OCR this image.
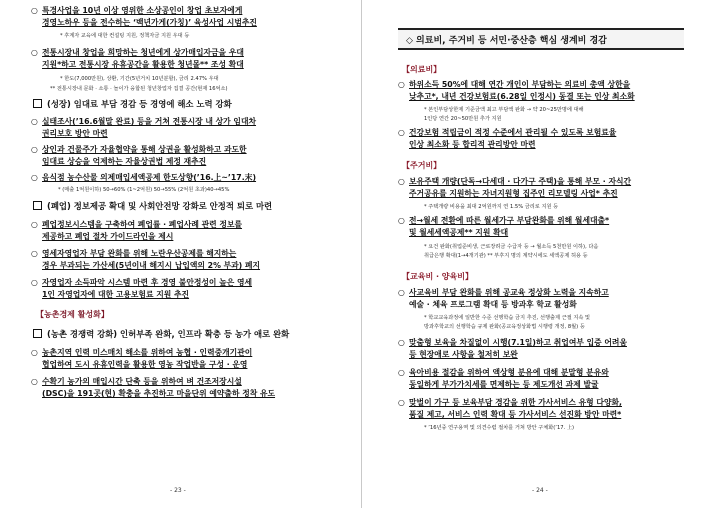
○ 특경사업을 10년 이상 영위한 소상공인이 창업 초보자에게
경영노하우 등을 전수하는 ‘백년가게(가칭)’ 육성사업 시범추진
* 후계자 교육에 대한 컨설팅 지원, 정책자금 지원 우대 등
○ 전통시장내 창업을 희망하는 청년에게 상가매입자금을 우대
지원*하고 전통시장 유휴공간을 활용한 청년몰** 조성 확대
* 한도(7,000만원), 상환, 기간(5년거치 10년분할), 금리 2.47% 우대
** 전통시장내 문화 · 소통 · 놀이가 융합된 청년창업자 집결 공간(현재 16억소)
(성장) 임대료 부담 경감 등 경영에 해소 노력 강화
○ 실태조사(’16.6월말 완료) 등을 거쳐 전통시장 내 상가 임대차
권리보호 방안 마련
○ 상인과 건물주가 자율협약을 통해 상권을 활성화하고 과도한
임대료 상승을 억제하는 자율상권법 제정 재추진
○ 음식점 농수산물 의제매입세액공제 한도상향(’16.上~’17.末)
* (매출 1억원이하) 50→60% (1~2억원) 50→55% (2억원 초과)40→45%
(폐업) 정보제공 확대 및 사회안전망 강화로 안정적 퇴로 마련
○ 폐업정보시스템을 구축하여 폐업률 · 폐업사례 관련 정보를
제공하고 폐업 절차 가이드라인을 제시
○ 영세자영업자 부담 완화를 위해 노란우산공제를 해지하는
경우 부과되는 가산세(5년이내 해지시 납입액의 2% 부과) 폐지
○ 자영업자 소득파악 시스템 마련 후 경영 불안정성이 높은 영세
1인 자영업자에 대한 고용보험료 지원 추진
【농촌경제 활성화】
(농촌 경쟁력 강화) 인허부족 완화, 인프라 확충 등 농가 애로 완화
○ 농촌지역 인력 미스매치 해소를 위하여 농협 · 인력중개기관이
협업하여 도시 유휴인력을 활용한 영농 작업반을 구성 · 운영
○ 수확기 농가의 매입시간 단축 등을 위하여 벼 건조저장시설
(DSC)을 191곳(현) 확충을 추진하고 마을단위 예약출하 정착 유도
- 23 -
◇ 의료비, 주거비 등 서민·중산층 핵심 생계비 경감
【의료비】
○ 하위소득 50%에 대해 연간 개인이 부담하는 의료비 총액 상한을
낮추고*, 내년 건강보험료(6.28일 인정시) 동결 또는 인상 최소화
* 본인부담상한제 기준금액 최고 부담액 완화 → 약 20~25만명에 대해
1인당 연간 20~50만원 추가 지원
○ 건강보험 적립금이 적정 수준에서 관리될 수 있도록 보험료율
인상 최소화 등 합리적 관리방안 마련
【주거비】
○ 보유주택 개량(단독→다세대 · 다가구 주택)을 통해 부모 · 자식간
주거공유를 지원하는 자녀지원형 집주인 리모델링 사업* 추진
* 주택개량 비용을 최대 2억원까지 연 1.5% 금리로 지원 등
○ 전→월세 전환에 따른 월세가구 부담완화를 위해 월세대출*
및 월세세액공제** 지원 확대
* 요건 완화(취업준비생, 근로장려금 수급자 등 → 월소득 5천만원 이하), 다음
취급은행 확대(1→4개기관) ** 부후지 명의 계약시에도 세액공제 허용 등
【교육비 · 양육비】
○ 사교육비 부담 완화를 위해 공교육 정상화 노력을 지속하고
예술 · 체육 프로그램 확대 등 방과후 학교 활성화
* 학교교육과정에 일반한 수준 선행학습 금지 추진, 선행출제 근절 지속 및
방과후학교의 선행학습 규제 완화(공교육정상화법 시행령 개정, 8월) 등
○ 맞춤형 보육을 차질없이 시행(7.1일)하고 취업여부 입증 어려움
등 현장애로 사항을 철저히 보완
○ 육아비용 절감을 위하여 액상형 분유에 대해 분말형 분유와
동일하게 부가가치세를 면제하는 등 제도개선 과제 발굴
○ 맞벌이 가구 등 보육부담 경감을 위한 가사서비스 유형 다양화,
품질 제고, 서비스 인력 확대 등 가사서비스 선진화 방안 마련*
* ’16년중 연구용역 및 의견수렴 절차를 거쳐 방안 구체화(’17. 上)
- 24 -
